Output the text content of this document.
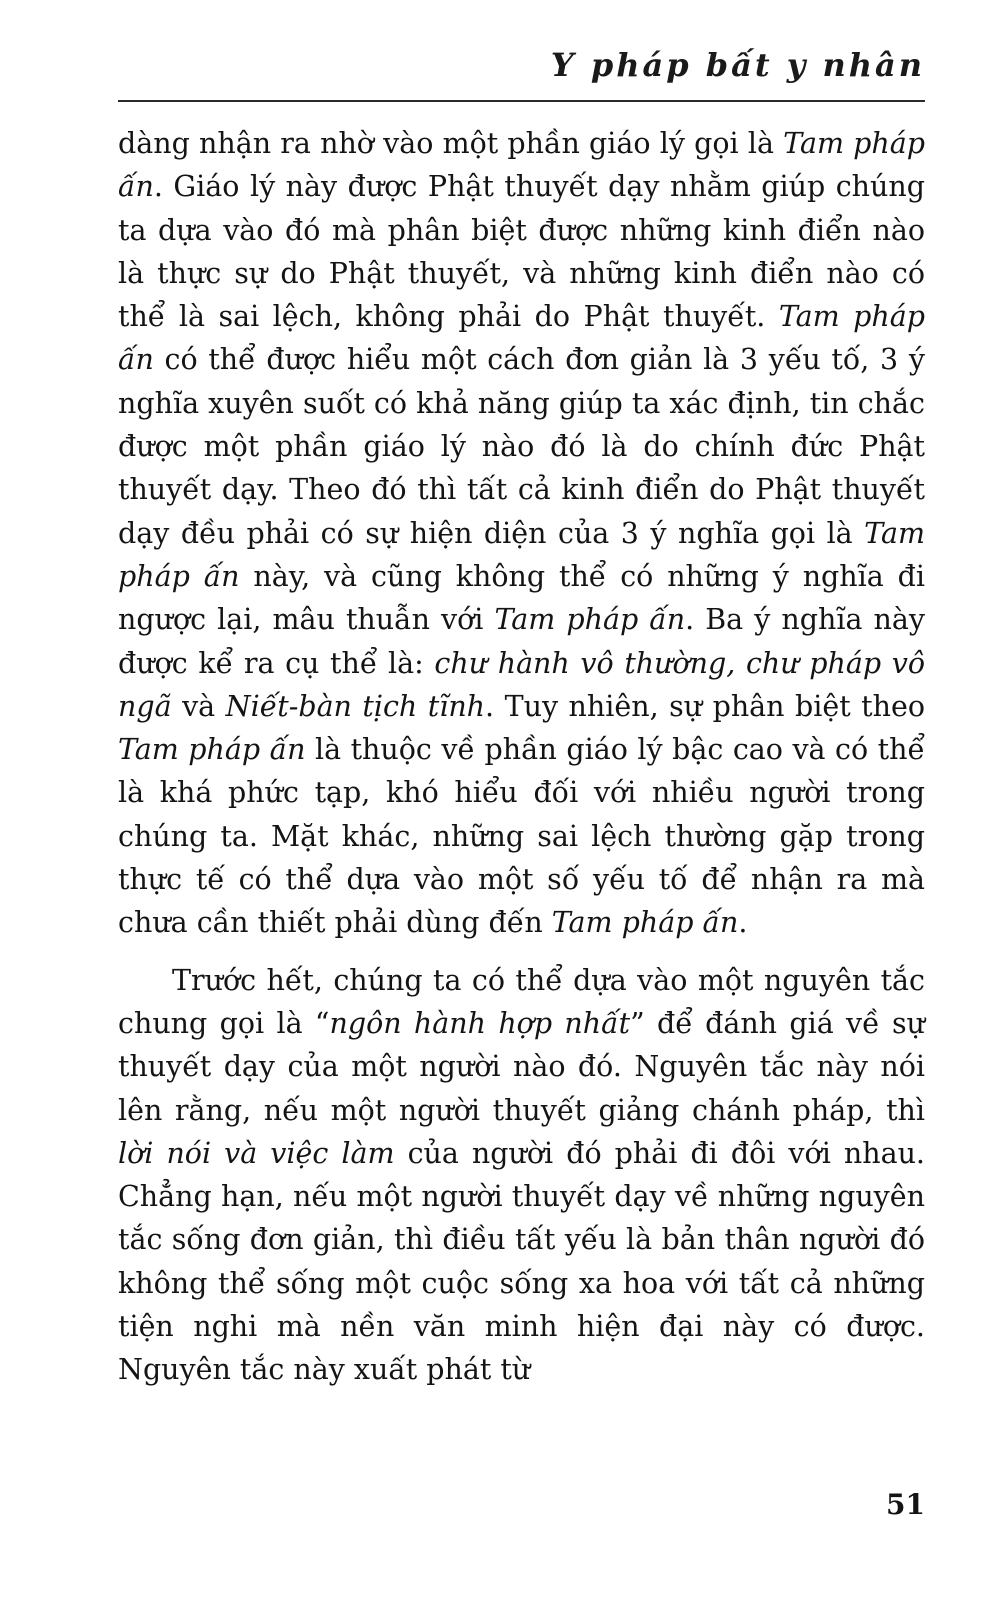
Y pháp bất y nhân

dàng nhận ra nhờ vào một phần giáo lý gọi là Tam pháp ấn. Giáo lý này được Phật thuyết dạy nhằm giúp chúng ta dựa vào đó mà phân biệt được những kinh điển nào là thực sự do Phật thuyết, và những kinh điển nào có thể là sai lệch, không phải do Phật thuyết. Tam pháp ấn có thể được hiểu một cách đơn giản là 3 yếu tố, 3 ý nghĩa xuyên suốt có khả năng giúp ta xác định, tin chắc được một phần giáo lý nào đó là do chính đức Phật thuyết dạy. Theo đó thì tất cả kinh điển do Phật thuyết dạy đều phải có sự hiện diện của 3 ý nghĩa gọi là Tam pháp ấn này, và cũng không thể có những ý nghĩa đi ngược lại, mâu thuẫn với Tam pháp ấn. Ba ý nghĩa này được kể ra cụ thể là: chư hành vô thường, chư pháp vô ngã và Niết-bàn tịch tĩnh. Tuy nhiên, sự phân biệt theo Tam pháp ấn là thuộc về phần giáo lý bậc cao và có thể là khá phức tạp, khó hiểu đối với nhiều người trong chúng ta. Mặt khác, những sai lệch thường gặp trong thực tế có thể dựa vào một số yếu tố để nhận ra mà chưa cần thiết phải dùng đến Tam pháp ấn.

Trước hết, chúng ta có thể dựa vào một nguyên tắc chung gọi là “ngôn hành hợp nhất” để đánh giá về sự thuyết dạy của một người nào đó. Nguyên tắc này nói lên rằng, nếu một người thuyết giảng chánh pháp, thì lời nói và việc làm của người đó phải đi đôi với nhau. Chẳng hạn, nếu một người thuyết dạy về những nguyên tắc sống đơn giản, thì điều tất yếu là bản thân người đó không thể sống một cuộc sống xa hoa với tất cả những tiện nghi mà nền văn minh hiện đại này có được. Nguyên tắc này xuất phát từ

51
